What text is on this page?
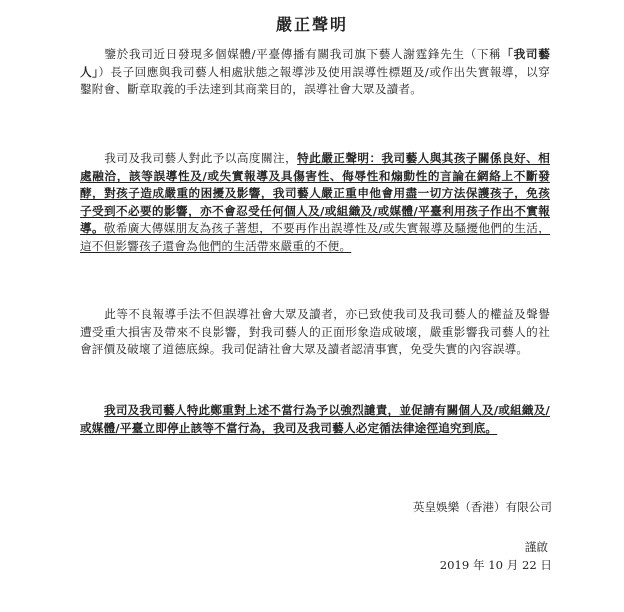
嚴正聲明
鑒於我司近日發現多個媒體/平臺傳播有關我司旗下藝人謝霆鋒先生（下稱「我司藝人」）長子回應與我司藝人相處狀態之報導涉及使用誤導性標題及/或作出失實報導，以穿鑿附會、斷章取義的手法達到其商業目的，誤導社會大眾及讀者。
我司及我司藝人對此予以高度關注，特此嚴正聲明：我司藝人與其孩子關係良好、相處融洽，該等誤導性及/或失實報導及具傷害性、侮辱性和煽動性的言論在網絡上不斷發酵，對孩子造成嚴重的困擾及影響，我司藝人嚴正重申他會用盡一切方法保護孩子，免孩子受到不必要的影響，亦不會忍受任何個人及/或組織及/或媒體/平臺利用孩子作出不實報導。敬希廣大傳媒朋友為孩子著想，不要再作出誤導性及/或失實報導及騷擾他們的生活，這不但影響孩子還會為他們的生活帶來嚴重的不便。
此等不良報導手法不但誤導社會大眾及讀者，亦已致使我司及我司藝人的權益及聲譽遭受重大損害及帶來不良影響，對我司藝人的正面形象造成破壞，嚴重影響我司藝人的社會評價及破壞了道德底線。我司促請社會大眾及讀者認清事實，免受失實的內容誤導。
我司及我司藝人特此鄭重對上述不當行為予以強烈譴責，並促請有關個人及/或組織及/或媒體/平臺立即停止該等不當行為，我司及我司藝人必定循法律途徑追究到底。
英皇娛樂（香港）有限公司
謹啟
2019 年 10 月 22 日
